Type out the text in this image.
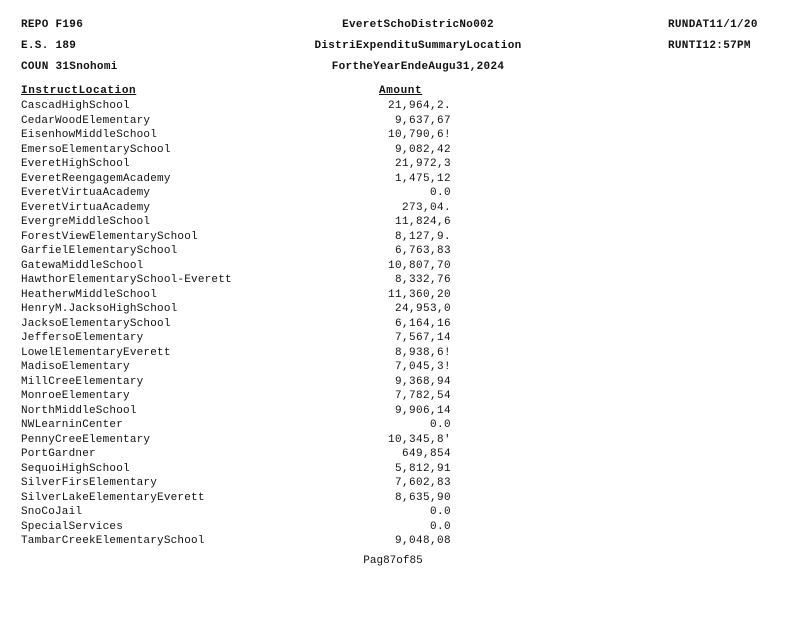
REPO F196
E.S. 189
COUN 31Snohomi
EveretSchoDistricNo002
DistriExpendituSummaryLocation
FortheYearEndeAugu31,2024
RUNDAT11/1/20
RUNTI12:57PM
InstructLocation	Amount
CascadHighSchool	21,964,2.
CedarWoodElementary	9,637,67
EisenhowMiddleSchool	10,790,6!
EmersoElementarySchool	9,082,42
EveretHighSchool	21,972,3
EveretReengagemAcademy	1,475,12
EveretVirtuaAcademy	0.0
EveretVirtuaAcademy	273,04.
EvergreMiddleSchool	11,824,6
ForestViewElementarySchool	8,127,9.
GarfielElementarySchool	6,763,83
GatewaMiddleSchool	10,807,70
HawthorElementarySchool-Everett	8,332,76
HeatherwMiddleSchool	11,360,20
HenryM.JacksoHighSchool	24,953,0
JacksoElementarySchool	6,164,16
JeffersoElementary	7,567,14
LowelElementaryEverett	8,938,6!
MadisoElementary	7,045,3!
MillCreeElementary	9,368,94
MonroeElementary	7,782,54
NorthMiddleSchool	9,906,14
NWLearninCenter	0.0
PennyCreeElementary	10,345,8'
PortGardner	649,854
SequoiHighSchool	5,812,91
SilverFirsElementary	7,602,83
SilverLakeElementaryEverett	8,635,90
SnoCoJail	0.0
SpecialServices	0.0
TambarCreekElementarySchool	9,048,08
Pag87of85
